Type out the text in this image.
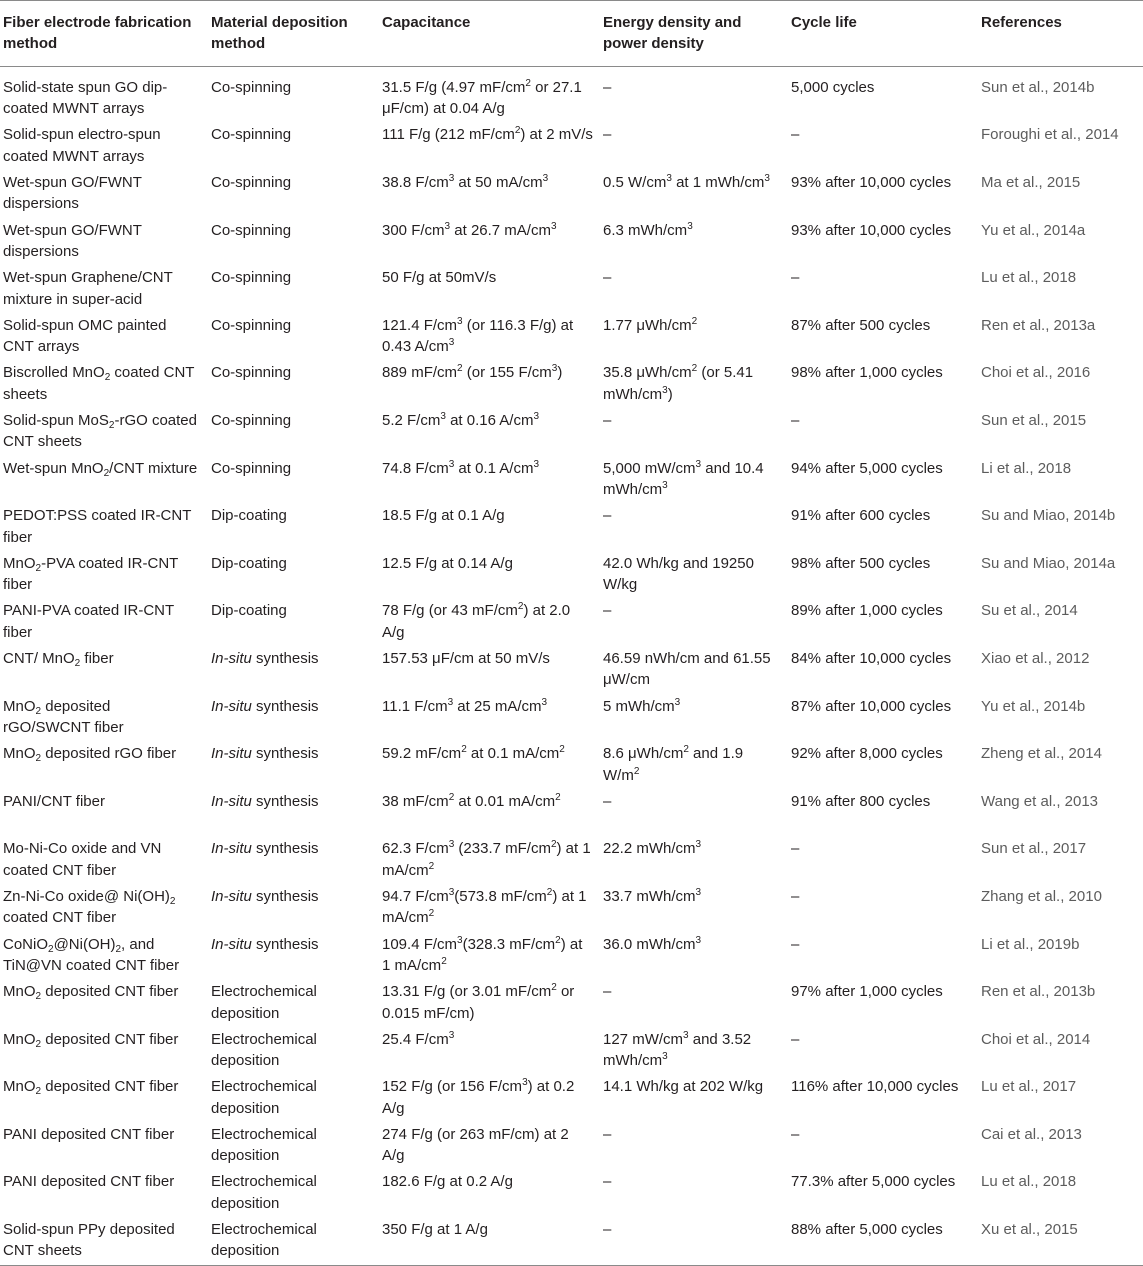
Fiber electrode fabrication method	Material deposition method	Capacitance	Energy density and power density	Cycle life	References
Solid-state spun GO dip-coated MWNT arrays	Co-spinning	31.5 F/g (4.97 $mF/cm^2$ or 27.1 μF/cm) at 0.04 A/g	–	5,000 cycles	Sun et al., 2014b
Solid-spun electro-spun coated MWNT arrays	Co-spinning	111 F/g (212 $mF/cm^2$) at 2 mV/s	–	–	Foroughi et al., 2014
Wet-spun GO/FWNT dispersions	Co-spinning	38.8 $F/cm^3$ at 50 $mA/cm^3$	0.5 $W/cm^3$ at 1 mWh/$cm^3$	93% after 10,000 cycles	Ma et al., 2015
Wet-spun GO/FWNT dispersions	Co-spinning	300 $F/cm^3$ at 26.7 $mA/cm^3$	6.3 mWh/$cm^3$	93% after 10,000 cycles	Yu et al., 2014a
Wet-spun Graphene/CNT mixture in super-acid	Co-spinning	50 F/g at 50mV/s	–	–	Lu et al., 2018
Solid-spun OMC painted CNT arrays	Co-spinning	121.4 $F/cm^3$ (or 116.3 F/g) at 0.43 $A/cm^3$	1.77 μWh/$cm^2$	87% after 500 cycles	Ren et al., 2013a
Biscrolled MnO$_2$ coated CNT sheets	Co-spinning	889 $mF/cm^2$ (or 155 $F/cm^3$)	35.8 μWh/$cm^2$ (or 5.41 mWh/$cm^3$)	98% after 1,000 cycles	Choi et al., 2016
Solid-spun MoS$_2$-rGO coated CNT sheets	Co-spinning	5.2 $F/cm^3$ at 0.16 $A/cm^3$	–	–	Sun et al., 2015
Wet-spun MnO$_2$/CNT mixture	Co-spinning	74.8 $F/cm^3$ at 0.1 $A/cm^3$	5,000 $mW/cm^3$ and 10.4 mWh/$cm^3$	94% after 5,000 cycles	Li et al., 2018
PEDOT:PSS coated IR-CNT fiber	Dip-coating	18.5 F/g at 0.1 A/g	–	91% after 600 cycles	Su and Miao, 2014b
MnO$_2$-PVA coated IR-CNT fiber	Dip-coating	12.5 F/g at 0.14 A/g	42.0 Wh/kg and 19250 W/kg	98% after 500 cycles	Su and Miao, 2014a
PANI-PVA coated IR-CNT fiber	Dip-coating	78 F/g (or 43 $mF/cm^2$) at 2.0 A/g	–	89% after 1,000 cycles	Su et al., 2014
CNT/ MnO$_2$ fiber	In-situ synthesis	157.53 μF/cm at 50 mV/s	46.59 nWh/cm and 61.55 μW/cm	84% after 10,000 cycles	Xiao et al., 2012
MnO$_2$ deposited rGO/SWCNT fiber	In-situ synthesis	11.1 $F/cm^3$ at 25 $mA/cm^3$	5 mWh/$cm^3$	87% after 10,000 cycles	Yu et al., 2014b
MnO$_2$ deposited rGO fiber	In-situ synthesis	59.2 $mF/cm^2$ at 0.1 $mA/cm^2$	8.6 μWh/$cm^2$ and 1.9 $W/m^2$	92% after 8,000 cycles	Zheng et al., 2014
PANI/CNT fiber	In-situ synthesis	38 $mF/cm^2$ at 0.01 $mA/cm^2$	–	91% after 800 cycles	Wang et al., 2013
Mo-Ni-Co oxide and VN coated CNT fiber	In-situ synthesis	62.3 $F/cm^3$ (233.7 $mF/cm^2$) at 1 $mA/cm^2$	22.2 mWh/$cm^3$	–	Sun et al., 2017
Zn-Ni-Co oxide@ $Ni(OH)_2$ coated CNT fiber	In-situ synthesis	94.7 $F/cm^3(573.8$ $mF/cm^2$) at 1 $mA/cm^2$	33.7 mWh/$cm^3$	–	Zhang et al., 2010
$CoNiO_2@Ni(OH)_2$, and TiN@VN coated CNT fiber	In-situ synthesis	109.4 $F/cm^3(328.3$ $mF/cm^2$) at 1 $mA/cm^2$	36.0 mWh/$cm^3$	–	Li et al., 2019b
MnO$_2$ deposited CNT fiber	Electrochemical deposition	13.31 F/g (or 3.01 $mF/cm^2$ or 0.015 mF/cm)	–	97% after 1,000 cycles	Ren et al., 2013b
MnO$_2$ deposited CNT fiber	Electrochemical deposition	25.4 $F/cm^3$	127 $mW/cm^3$ and 3.52 mWh/$cm^3$	–	Choi et al., 2014
MnO$_2$ deposited CNT fiber	Electrochemical deposition	152 F/g (or 156 $F/cm^3$) at 0.2 A/g	14.1 Wh/kg at 202 W/kg	116% after 10,000 cycles	Lu et al., 2017
PANI deposited CNT fiber	Electrochemical deposition	274 F/g (or 263 mF/cm) at 2 A/g	–	–	Cai et al., 2013
PANI deposited CNT fiber	Electrochemical deposition	182.6 F/g at 0.2 A/g	–	77.3% after 5,000 cycles	Lu et al., 2018
Solid-spun PPy deposited CNT sheets	Electrochemical deposition	350 F/g at 1 A/g	–	88% after 5,000 cycles	Xu et al., 2015
